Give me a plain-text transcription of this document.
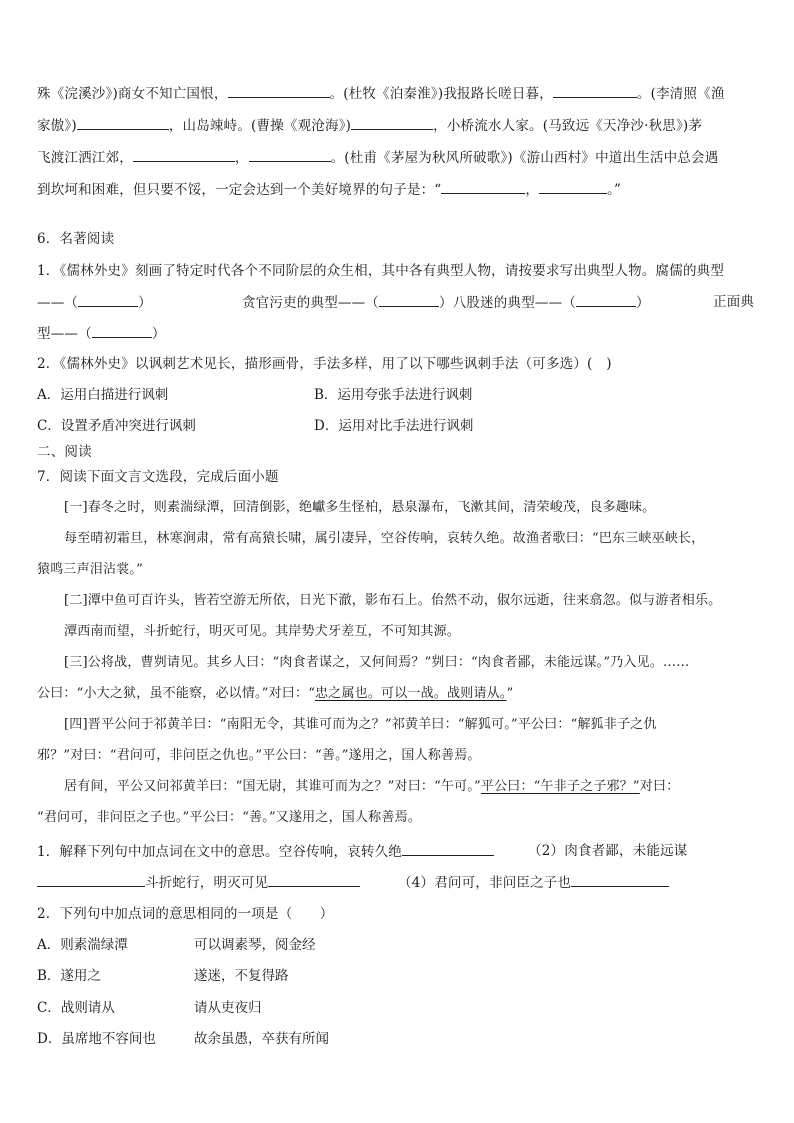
殊《浣溪沙》)商女不知亡国恨，	。(杜牧《泊秦淮》)我报路长嗟日暮，	。(李清照《渔
家傲》)	，山岛竦峙。(曹操《观沧海》)	，小桥流水人家。(马致远《天净沙·秋思》)茅
飞渡江洒江郊，	，	。(杜甫《茅屋为秋风所破歌》)《游山西村》中道出生活中总会遇
到坎坷和困难，但只要不馁，一定会达到一个美好境界的句子是：“	，	。”
6．名著阅读
1．《儒林外史》刻画了特定时代各个不同阶层的众生相，其中各有典型人物，请按要求写出典型人物。腐儒的典型
——（	）	贪官污吏的典型——（	）八股迷的典型——（	）	正面典
型——（	）
2．《儒林外史》以讽刺艺术见长，描形画骨，手法多样，用了以下哪些讽刺手法（可多选）(　)
A．运用白描进行讽刺	B．运用夸张手法进行讽刺
C．设置矛盾冲突进行讽刺	D．运用对比手法进行讽刺
二、阅读
7．阅读下面文言文选段，完成后面小题
[一]春冬之时，则素湍绿潭，回清倒影，绝巘多生怪柏，悬泉瀑布，飞漱其间，清荣峻茂，良多趣味。
每至晴初霜旦，林寒涧肃，常有高猿长啸，属引凄异，空谷传响，哀转久绝。故渔者歌曰：“巴东三峡巫峡长，
猿鸣三声泪沾裳。”
[二]潭中鱼可百许头，皆若空游无所依，日光下澈，影布石上。佁然不动，俶尔远逝，往来翕忽。似与游者相乐。
潭西南而望，斗折蛇行，明灭可见。其岸势犬牙差互，不可知其源。
[三]公将战，曹刿请见。其乡人曰：“肉食者谋之，又何间焉？”刿曰：“肉食者鄙，未能远谋。”乃入见。……
公曰：“小大之狱，虽不能察，必以情。”对曰：“忠之属也。可以一战。战则请从。”
[四]晋平公问于祁黄羊曰：“南阳无令，其谁可而为之？”祁黄羊曰：“解狐可。”平公曰：“解狐非子之仇
邪？”对曰：“君问可，非问臣之仇也。”平公曰：“善。”遂用之，国人称善焉。
居有间，平公又问祁黄羊曰：“国无尉，其谁可而为之？”对曰：“午可。”平公曰：“午非子之子邪？”对曰：
“君问可，非问臣之子也。”平公曰：“善。”又遂用之，国人称善焉。
1．解释下列句中加点词在文中的意思。空谷传响，哀转久绝	（2）肉食者鄙，未能远谋
斗折蛇行，明灭可见	（4）君问可，非问臣之子也
2．下列句中加点词的意思相同的一项是（　　）
A．则素湍绿潭	可以调素琴，阅金经
B．遂用之	遂迷，不复得路
C．战则请从	请从吏夜归
D．虽席地不容间也	故余虽愚，卒获有所闻
